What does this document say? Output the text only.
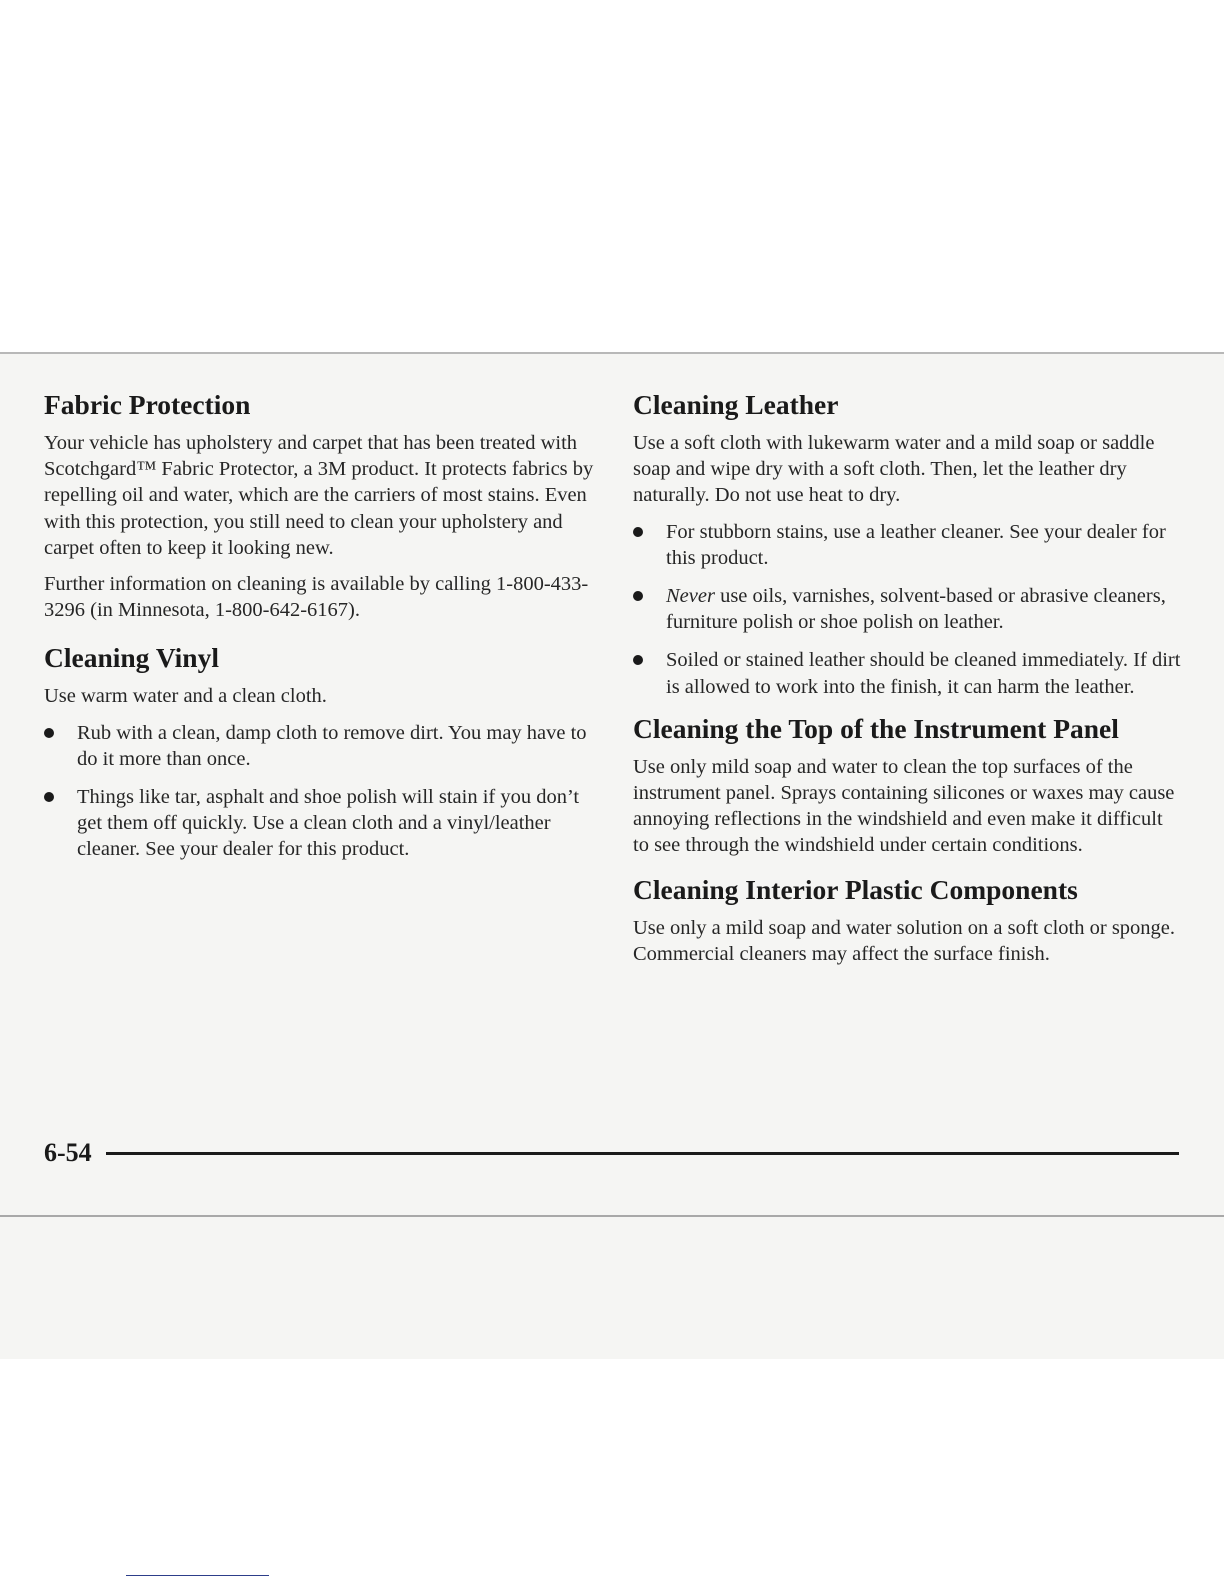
Fabric Protection

Your vehicle has upholstery and carpet that has been treated with Scotchgard™ Fabric Protector, a 3M product. It protects fabrics by repelling oil and water, which are the carriers of most stains. Even with this protection, you still need to clean your upholstery and carpet often to keep it looking new.

Further information on cleaning is available by calling 1-800-433-3296 (in Minnesota, 1-800-642-6167).

Cleaning Vinyl

Use warm water and a clean cloth.

Rub with a clean, damp cloth to remove dirt. You may have to do it more than once.
Things like tar, asphalt and shoe polish will stain if you don’t get them off quickly. Use a clean cloth and a vinyl/leather cleaner. See your dealer for this product.
Cleaning Leather

Use a soft cloth with lukewarm water and a mild soap or saddle soap and wipe dry with a soft cloth. Then, let the leather dry naturally. Do not use heat to dry.

For stubborn stains, use a leather cleaner. See your dealer for this product.
Never use oils, varnishes, solvent-based or abrasive cleaners, furniture polish or shoe polish on leather.
Soiled or stained leather should be cleaned immediately. If dirt is allowed to work into the finish, it can harm the leather.
Cleaning the Top of the Instrument Panel

Use only mild soap and water to clean the top surfaces of the instrument panel. Sprays containing silicones or waxes may cause annoying reflections in the windshield and even make it difficult to see through the windshield under certain conditions.

Cleaning Interior Plastic Components

Use only a mild soap and water solution on a soft cloth or sponge. Commercial cleaners may affect the surface finish.

6-54
